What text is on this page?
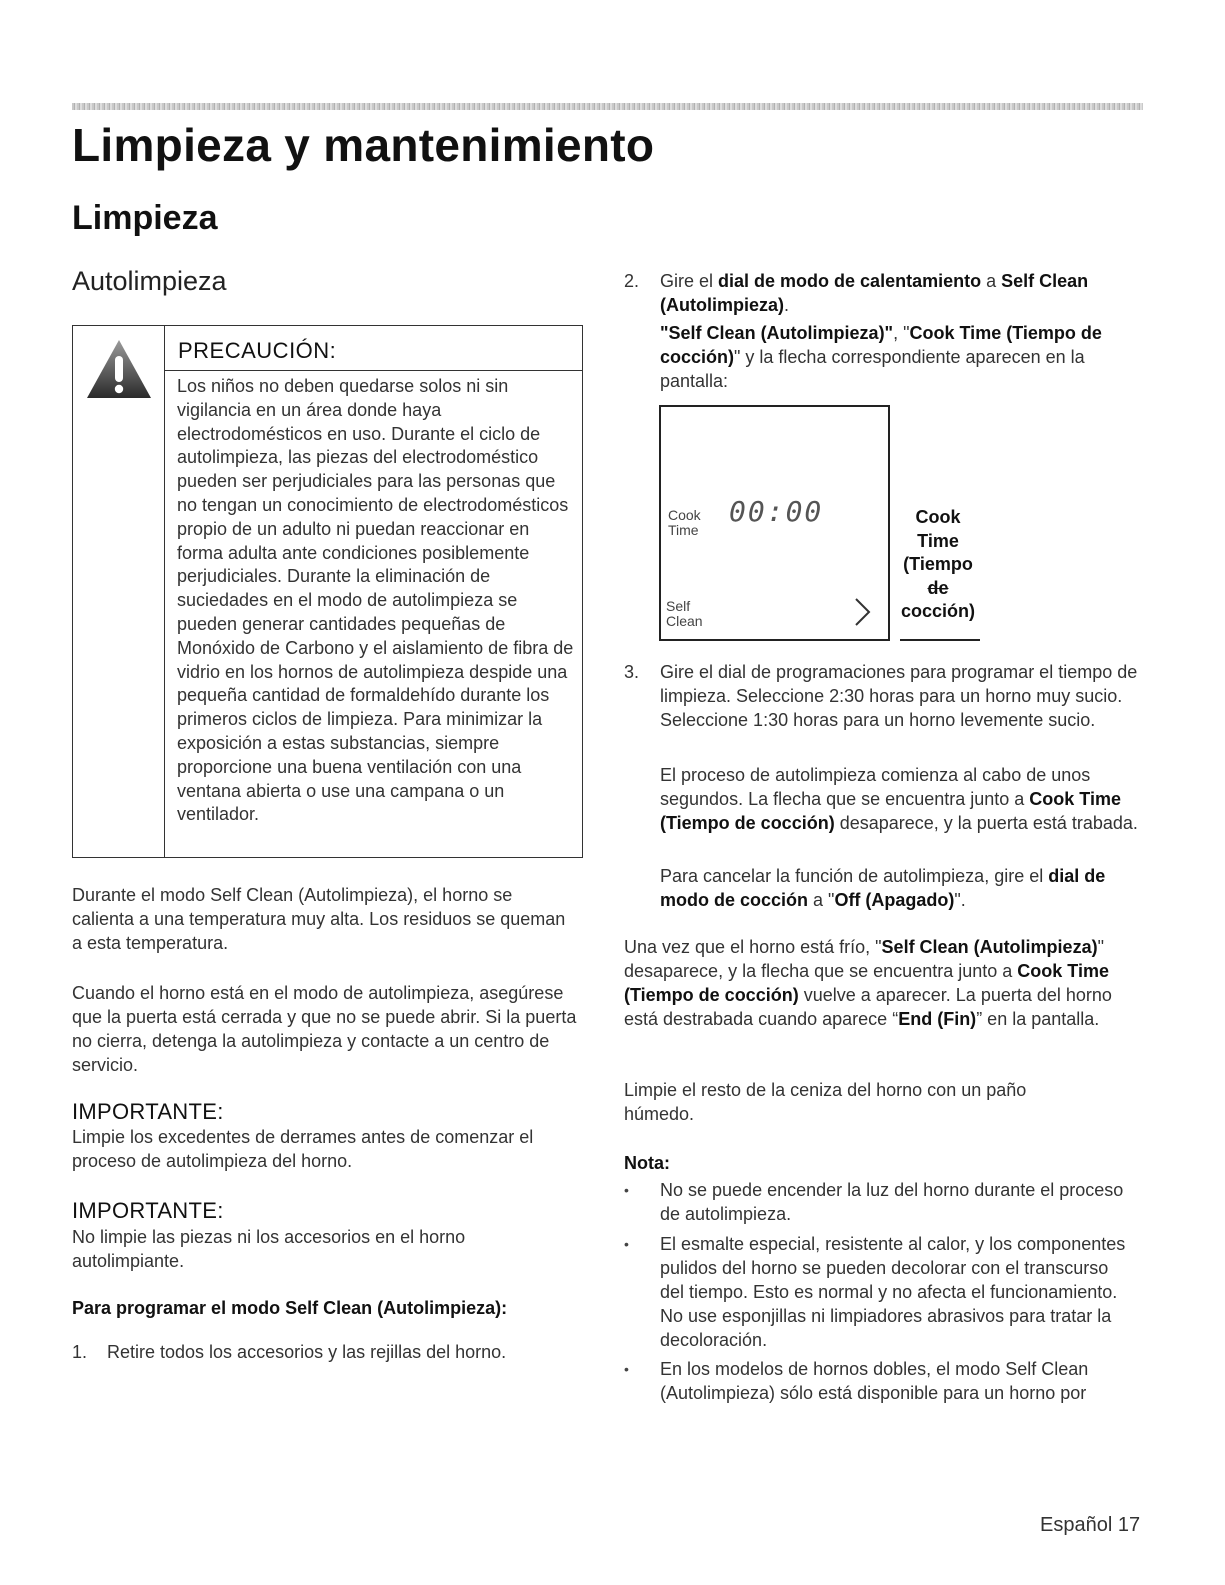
Limpieza y mantenimiento
Limpieza
Autolimpieza
PRECAUCIÓN:
Los niños no deben quedarse solos ni sin vigilancia en un área donde haya electrodomésticos en uso. Durante el ciclo de autolimpieza, las piezas del electrodoméstico pueden ser perjudiciales para las personas que no tengan un conocimiento de electrodomésticos propio de un adulto ni puedan reaccionar en forma adulta ante condiciones posiblemente perjudiciales. Durante la eliminación de suciedades en el modo de autolimpieza se pueden generar cantidades pequeñas de Monóxido de Carbono y el aislamiento de fibra de vidrio en los hornos de autolimpieza despide una pequeña cantidad de formaldehído durante los primeros ciclos de limpieza. Para minimizar la exposición a estas substancias, siempre proporcione una buena ventilación con una ventana abierta o use una campana o un ventilador.

Durante el modo Self Clean (Autolimpieza), el horno se calienta a una temperatura muy alta. Los residuos se queman a esta temperatura.

Cuando el horno está en el modo de autolimpieza, asegúrese que la puerta está cerrada y que no se puede abrir. Si la puerta no cierra, detenga la autolimpieza y contacte a un centro de servicio.

IMPORTANTE:

Limpie los excedentes de derrames antes de comenzar el proceso de autolimpieza del horno.

IMPORTANTE:

No limpie las piezas ni los accesorios en el horno autolimpiante.

Para programar el modo Self Clean (Autolimpieza):
1. Retire todos los accesorios y las rejillas del horno.
2. Gire el dial de modo de calentamiento a Self Clean (Autolimpieza).

"Self Clean (Autolimpieza)", "Cook Time (Tiempo de cocción)" y la flecha correspondiente aparecen en la pantalla:

Cook
Time
00:00
Self
Clean
Cook
Time
(Tiempo
de
cocción)
3. Gire el dial de programaciones para programar el tiempo de limpieza. Seleccione 2:30 horas para un horno muy sucio. Seleccione 1:30 horas para un horno levemente sucio.

El proceso de autolimpieza comienza al cabo de unos segundos. La flecha que se encuentra junto a Cook Time (Tiempo de cocción) desaparece, y la puerta está trabada.

Para cancelar la función de autolimpieza, gire el dial de modo de cocción a "Off (Apagado)".

Una vez que el horno está frío, "Self Clean (Autolimpieza)" desaparece, y la flecha que se encuentra junto a Cook Time (Tiempo de cocción) vuelve a aparecer. La puerta del horno está destrabada cuando aparece “End (Fin)” en la pantalla.

Limpie el resto de la ceniza del horno con un paño húmedo.

Nota:
• No se puede encender la luz del horno durante el proceso de autolimpieza.

• El esmalte especial, resistente al calor, y los componentes pulidos del horno se pueden decolorar con el transcurso del tiempo. Esto es normal y no afecta el funcionamiento. No use esponjillas ni limpiadores abrasivos para tratar la decoloración.

• En los modelos de hornos dobles, el modo Self Clean (Autolimpieza) sólo está disponible para un horno por

Español 17
